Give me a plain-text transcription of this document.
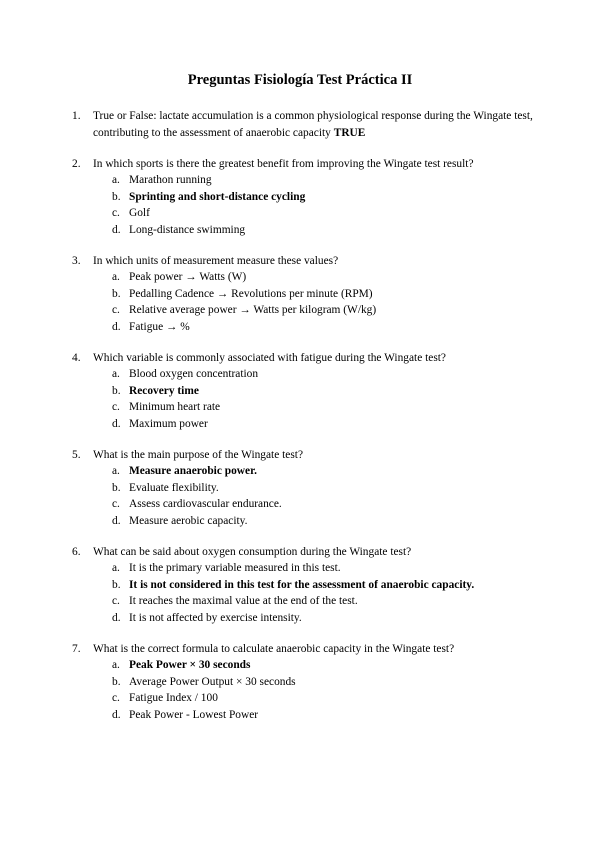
Preguntas Fisiología Test Práctica II
1. True or False: lactate accumulation is a common physiological response during the Wingate test, contributing to the assessment of anaerobic capacity TRUE
2. In which sports is there the greatest benefit from improving the Wingate test result?
a. Marathon running
b. Sprinting and short-distance cycling
c. Golf
d. Long-distance swimming
3. In which units of measurement measure these values?
a. Peak power → Watts (W)
b. Pedalling Cadence → Revolutions per minute (RPM)
c. Relative average power → Watts per kilogram (W/kg)
d. Fatigue → %
4. Which variable is commonly associated with fatigue during the Wingate test?
a. Blood oxygen concentration
b. Recovery time
c. Minimum heart rate
d. Maximum power
5. What is the main purpose of the Wingate test?
a. Measure anaerobic power.
b. Evaluate flexibility.
c. Assess cardiovascular endurance.
d. Measure aerobic capacity.
6. What can be said about oxygen consumption during the Wingate test?
a. It is the primary variable measured in this test.
b. It is not considered in this test for the assessment of anaerobic capacity.
c. It reaches the maximal value at the end of the test.
d. It is not affected by exercise intensity.
7. What is the correct formula to calculate anaerobic capacity in the Wingate test?
a. Peak Power × 30 seconds
b. Average Power Output × 30 seconds
c. Fatigue Index / 100
d. Peak Power - Lowest Power
